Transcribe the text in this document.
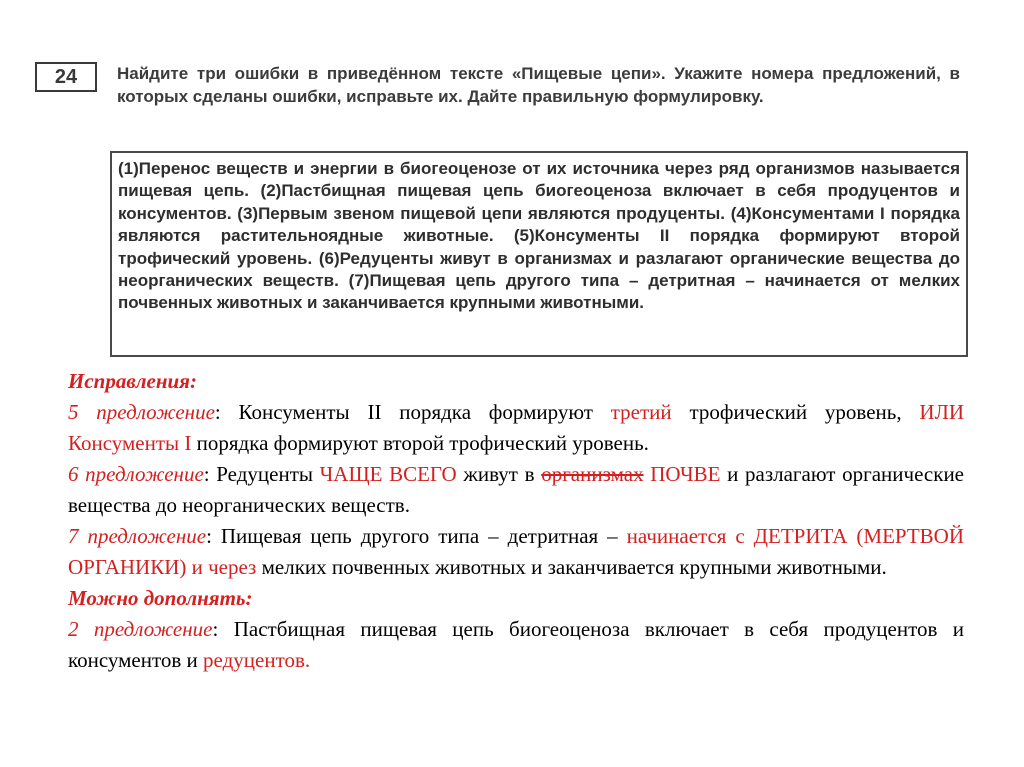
24	Найдите три ошибки в приведённом тексте «Пищевые цепи». Укажите номера предложений, в которых сделаны ошибки, исправьте их. Дайте правильную формулировку.
(1)Перенос веществ и энергии в биогеоценозе от их источника через ряд организмов называется пищевая цепь. (2)Пастбищная пищевая цепь биогеоценоза включает в себя продуцентов и консументов. (3)Первым звеном пищевой цепи являются продуценты. (4)Консументами I порядка являются растительноядные животные. (5)Консументы II порядка формируют второй трофический уровень. (6)Редуценты живут в организмах и разлагают органические вещества до неорганических веществ. (7)Пищевая цепь другого типа – детритная – начинается от мелких почвенных животных и заканчивается крупными животными.

Исправления:

5 предложение: Консументы II порядка формируют третий трофический уровень, ИЛИ Консументы I порядка формируют второй трофический уровень.

6 предложение: Редуценты ЧАЩЕ ВСЕГО живут в организмах ПОЧВЕ и разлагают органические вещества до неорганических веществ.

7 предложение: Пищевая цепь другого типа – детритная – начинается с ДЕТРИТА (МЕРТВОЙ ОРГАНИКИ) и через мелких почвенных животных и заканчивается крупными животными.

Можно дополнять:

2 предложение: Пастбищная пищевая цепь биогеоценоза включает в себя продуцентов и консументов и редуцентов.
